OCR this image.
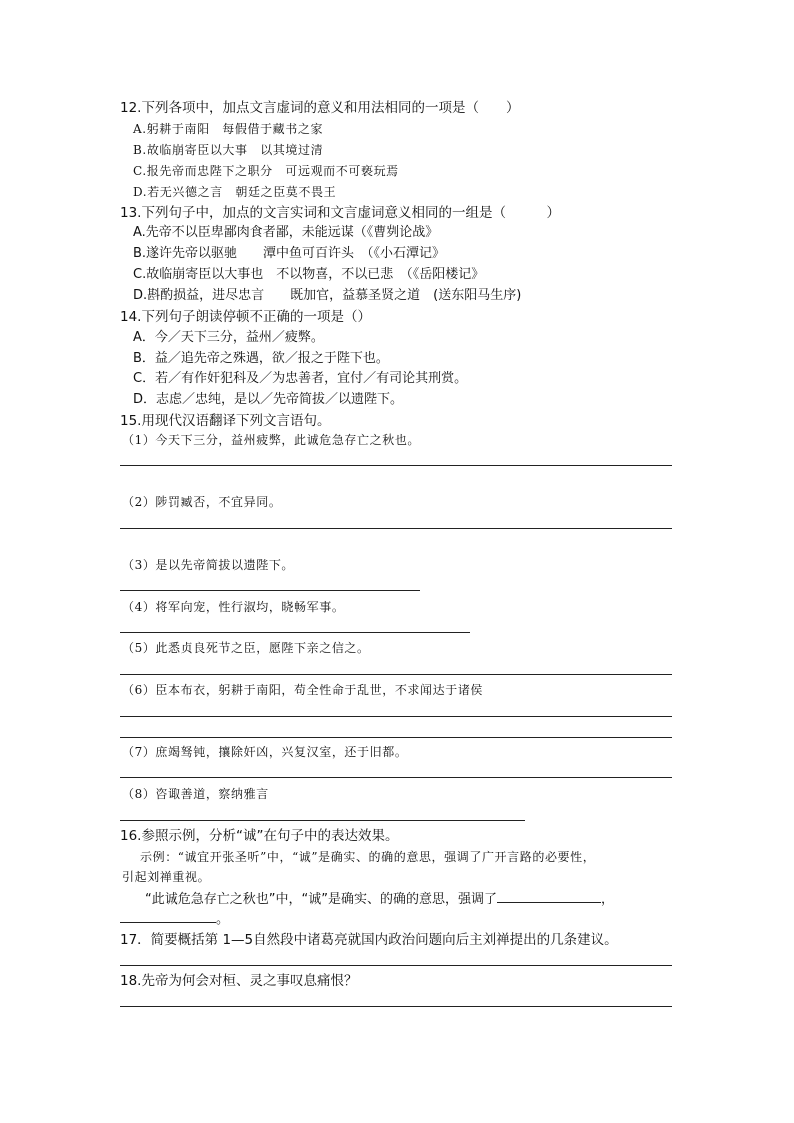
12.下列各项中，加点文言虚词的意义和用法相同的一项是（　　）
A.躬耕于南阳　每假借于藏书之家
B.故临崩寄臣以大事　以其境过清
C.报先帝而忠陛下之职分　可远观而不可亵玩焉
D.若无兴德之言　朝廷之臣莫不畏王
13.下列句子中，加点的文言实词和文言虚词意义相同的一组是（　　　）
A.先帝不以臣卑鄙肉食者鄙，未能远谋（《曹刿论战》
B.遂许先帝以驱驰　　潭中鱼可百许头　（《小石潭记》
C.故临崩寄臣以大事也　不以物喜，不以已悲　（《岳阳楼记》
D.斟酌损益，进尽忠言　　既加官，益慕圣贤之道　(送东阳马生序)
14.下列句子朗读停顿不正确的一项是（）
A．今／天下三分，益州／疲弊。
B．益／追先帝之殊遇，欲／报之于陛下也。
C．若／有作奸犯科及／为忠善者，宜付／有司论其刑赏。
D．志虑／忠纯，是以／先帝简拔／以遗陛下。
15.用现代汉语翻译下列文言语句。
（1）今天下三分，益州疲弊，此诚危急存亡之秋也。
（2）陟罚臧否，不宜异同。
（3）是以先帝简拔以遗陛下。
（4）将军向宠，性行淑均，晓畅军事。
（5）此悉贞良死节之臣，愿陛下亲之信之。
（6）臣本布衣，躬耕于南阳，苟全性命于乱世，不求闻达于诸侯
（7）庶竭驽钝，攘除奸凶，兴复汉室，还于旧都。
（8）咨诹善道，察纳雅言
16.参照示例，分析“诚”在句子中的表达效果。
示例：“诚宜开张圣听”中，“诚”是确实、的确的意思，强调了广开言路的必要性，
引起刘禅重视。
“此诚危急存亡之秋也”中，“诚”是确实、的确的意思，强调了	，
。
17．简要概括第 1—5自然段中诸葛亮就国内政治问题向后主刘禅提出的几条建议。
18.先帝为何会对桓、灵之事叹息痛恨？
